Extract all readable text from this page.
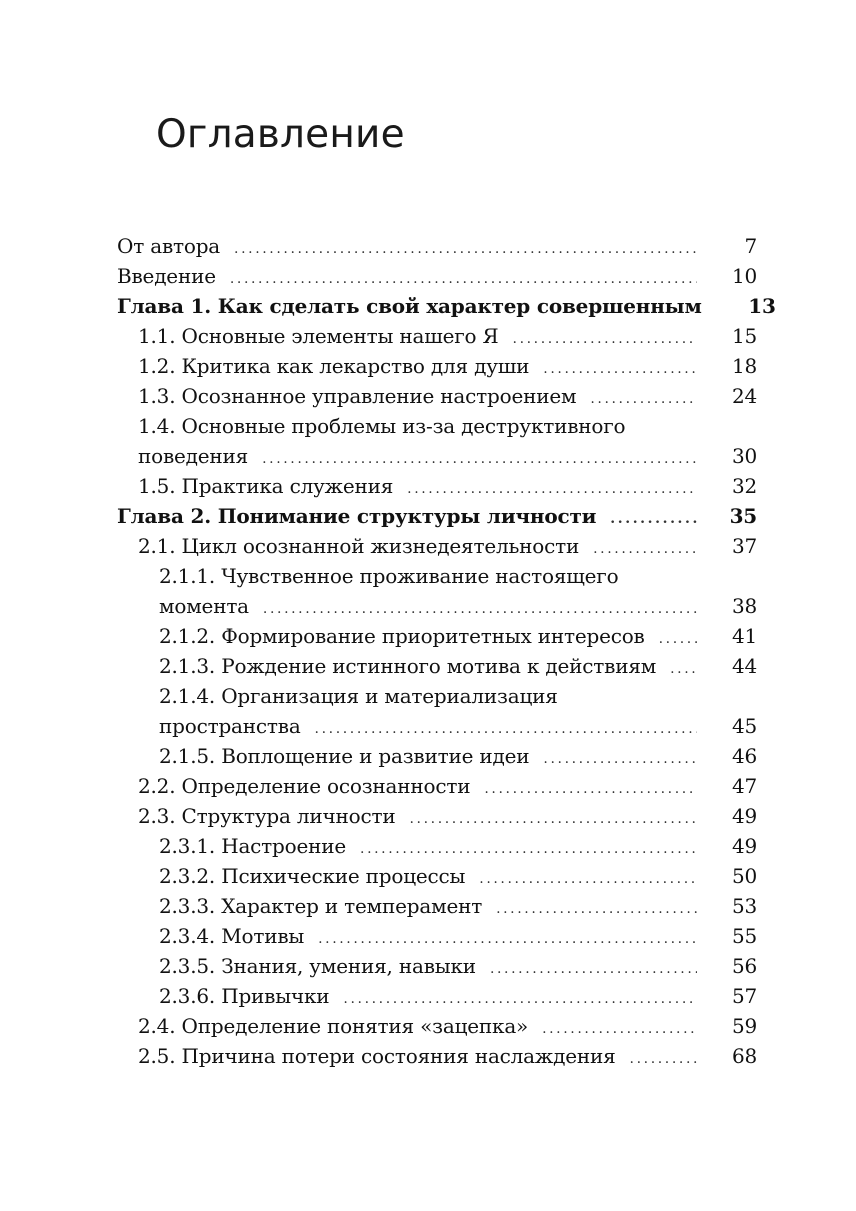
Оглавление
От автора .....	7
Введение .....	10
Глава 1. Как сделать свой характер совершенным	13
1.1. Основные элементы нашего Я .....	15
1.2. Критика как лекарство для души .....	18
1.3. Осознанное управление настроением .....	24
1.4. Основные проблемы из-за деструктивного
поведения .....	30
1.5. Практика служения .....	32
Глава 2. Понимание структуры личности .....	35
2.1. Цикл осознанной жизнедеятельности .....	37
2.1.1. Чувственное проживание настоящего
момента .....	38
2.1.2. Формирование приоритетных интересов .....	41
2.1.3. Рождение истинного мотива к действиям .....	44
2.1.4. Организация и материализация
пространства .....	45
2.1.5. Воплощение и развитие идеи .....	46
2.2. Определение осознанности .....	47
2.3. Структура личности .....	49
2.3.1. Настроение .....	49
2.3.2. Психические процессы .....	50
2.3.3. Характер и темперамент .....	53
2.3.4. Мотивы .....	55
2.3.5. Знания, умения, навыки .....	56
2.3.6. Привычки .....	57
2.4. Определение понятия «зацепка» .....	59
2.5. Причина потери состояния наслаждения .....	68
